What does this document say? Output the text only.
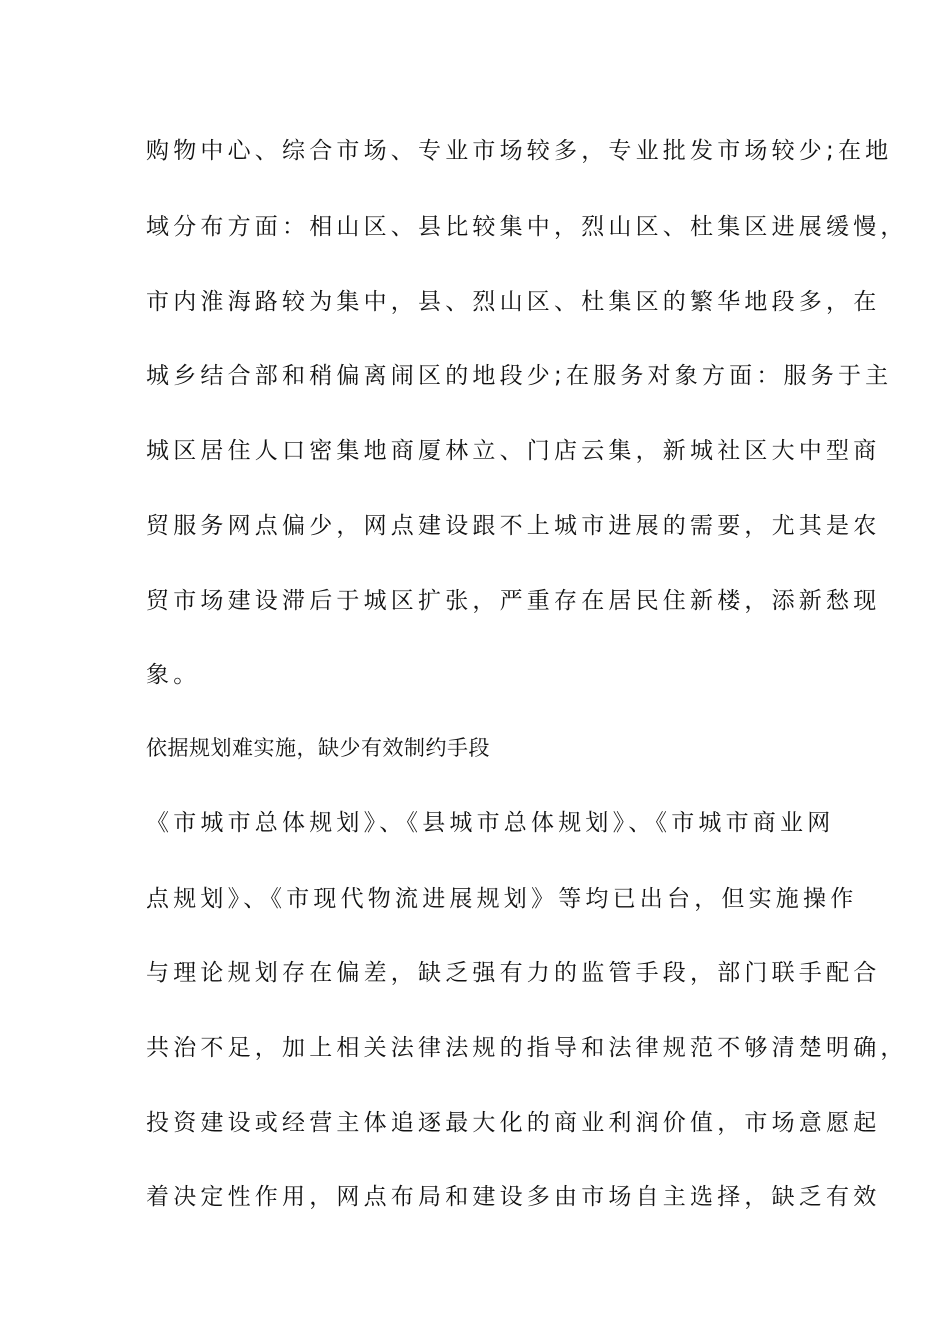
购物中心、综合市场、专业市场较多，专业批发市场较少;在地
域分布方面：相山区、县比较集中，烈山区、杜集区进展缓慢，
市内淮海路较为集中，县、烈山区、杜集区的繁华地段多，在
城乡结合部和稍偏离闹区的地段少;在服务对象方面：服务于主
城区居住人口密集地商厦林立、门店云集，新城社区大中型商
贸服务网点偏少，网点建设跟不上城市进展的需要，尤其是农
贸市场建设滞后于城区扩张，严重存在居民住新楼，添新愁现
象。
依据规划难实施，缺少有效制约手段
《市城市总体规划》、《县城市总体规划》、《市城市商业网
点规划》、《市现代物流进展规划》等均已出台，但实施操作
与理论规划存在偏差，缺乏强有力的监管手段，部门联手配合
共治不足，加上相关法律法规的指导和法律规范不够清楚明确，
投资建设或经营主体追逐最大化的商业利润价值，市场意愿起
着决定性作用，网点布局和建设多由市场自主选择，缺乏有效
